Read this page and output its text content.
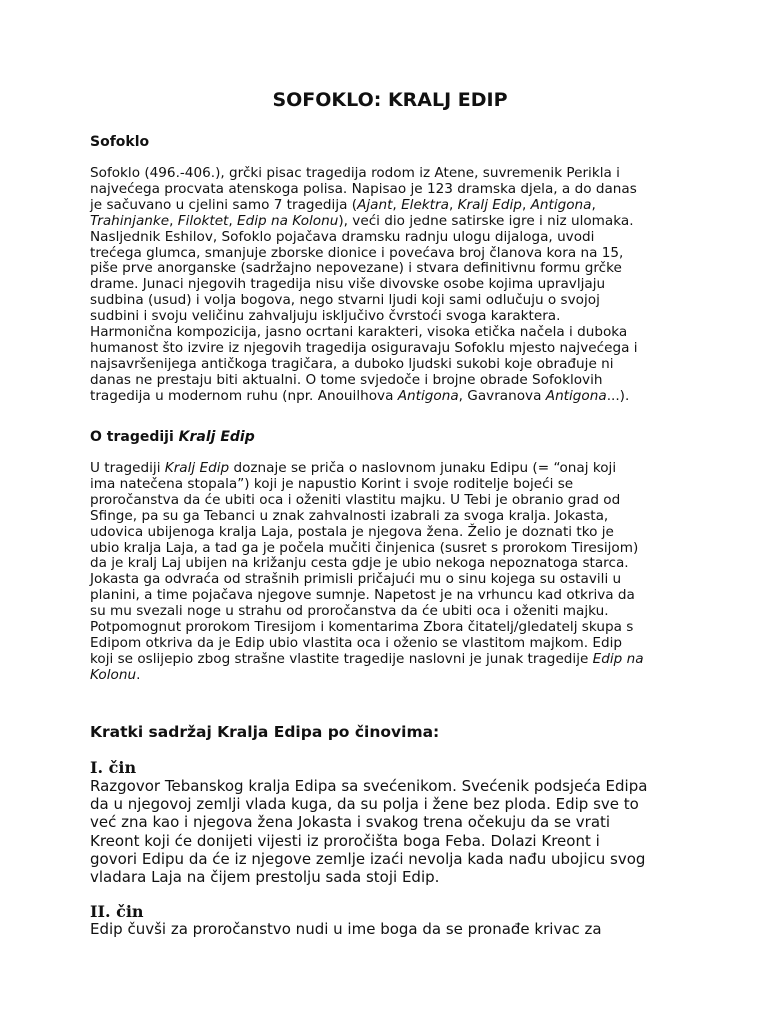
SOFOKLO: KRALJ EDIP
Sofoklo
Sofoklo (496.-406.), grčki pisac tragedija rodom iz Atene, suvremenik Perikla i
najvećega procvata atenskoga polisa. Napisao je 123 dramska djela, a do danas
je sačuvano u cjelini samo 7 tragedija (Ajant, Elektra, Kralj Edip, Antigona,
Trahinjanke, Filoktet, Edip na Kolonu), veći dio jedne satirske igre i niz ulomaka.
Nasljednik Eshilov, Sofoklo pojačava dramsku radnju ulogu dijaloga, uvodi
trećega glumca, smanjuje zborske dionice i povećava broj članova kora na 15,
piše prve anorganske (sadržajno nepovezane) i stvara definitivnu formu grčke
drame. Junaci njegovih tragedija nisu više divovske osobe kojima upravljaju
sudbina (usud) i volja bogova, nego stvarni ljudi koji sami odlučuju o svojoj
sudbini i svoju veličinu zahvaljuju isključivo čvrstoći svoga karaktera.
Harmonična kompozicija, jasno ocrtani karakteri, visoka etička načela i duboka
humanost što izvire iz njegovih tragedija osiguravaju Sofoklu mjesto najvećega i
najsavršenijega antičkoga tragičara, a duboko ljudski sukobi koje obrađuje ni
danas ne prestaju biti aktualni. O tome svjedoče i brojne obrade Sofoklovih
tragedija u modernom ruhu (npr. Anouilhova Antigona, Gavranova Antigona...).
O tragediji Kralj Edip
U tragediji Kralj Edip doznaje se priča o naslovnom junaku Edipu (= “onaj koji
ima natečena stopala”) koji je napustio Korint i svoje roditelje bojeći se
proročanstva da će ubiti oca i oženiti vlastitu majku. U Tebi je obranio grad od
Sfinge, pa su ga Tebanci u znak zahvalnosti izabrali za svoga kralja. Jokasta,
udovica ubijenoga kralja Laja, postala je njegova žena. Želio je doznati tko je
ubio kralja Laja, a tad ga je počela mučiti činjenica (susret s prorokom Tiresijom)
da je kralj Laj ubijen na križanju cesta gdje je ubio nekoga nepoznatoga starca.
Jokasta ga odvraća od strašnih primisli pričajući mu o sinu kojega su ostavili u
planini, a time pojačava njegove sumnje. Napetost je na vrhuncu kad otkriva da
su mu svezali noge u strahu od proročanstva da će ubiti oca i oženiti majku.
Potpomognut prorokom Tiresijom i komentarima Zbora čitatelj/gledatelj skupa s
Edipom otkriva da je Edip ubio vlastita oca i oženio se vlastitom majkom. Edip
koji se oslijepio zbog strašne vlastite tragedije naslovni je junak tragedije Edip na
Kolonu.
Kratki sadržaj Kralja Edipa po činovima:
I. čin
Razgovor Tebanskog kralja Edipa sa svećenikom. Svećenik podsjeća Edipa
da u njegovoj zemlji vlada kuga, da su polja i žene bez ploda. Edip sve to
već zna kao i njegova žena Jokasta i svakog trena očekuju da se vrati
Kreont koji će donijeti vijesti iz proročišta boga Feba. Dolazi Kreont i
govori Edipu da će iz njegove zemlje izaći nevolja kada nađu ubojicu svog
vladara Laja na čijem prestolju sada stoji Edip.
II. čin
Edip čuvši za proročanstvo nudi u ime boga da se pronađe krivac za
